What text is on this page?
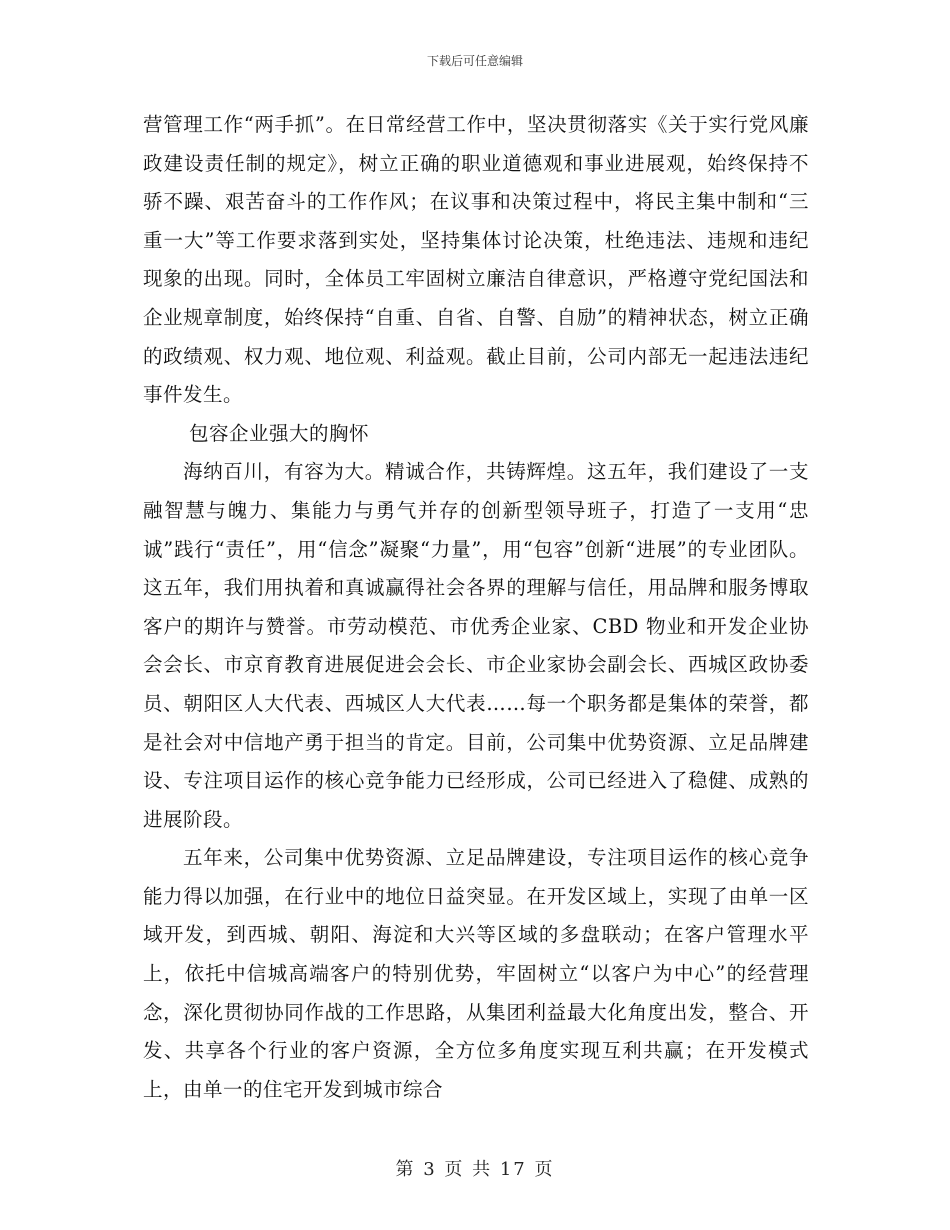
下载后可任意编辑

营管理工作“两手抓”。在日常经营工作中，坚决贯彻落实《关于实行党风廉政建设责任制的规定》，树立正确的职业道德观和事业进展观，始终保持不骄不躁、艰苦奋斗的工作作风；在议事和决策过程中，将民主集中制和“三重一大”等工作要求落到实处，坚持集体讨论决策，杜绝违法、违规和违纪现象的出现。同时，全体员工牢固树立廉洁自律意识，严格遵守党纪国法和企业规章制度，始终保持“自重、自省、自警、自励”的精神状态，树立正确的政绩观、权力观、地位观、利益观。截止目前，公司内部无一起违法违纪事件发生。

包容企业强大的胸怀

海纳百川，有容为大。精诚合作，共铸辉煌。这五年，我们建设了一支融智慧与魄力、集能力与勇气并存的创新型领导班子，打造了一支用“忠诚”践行“责任”，用“信念”凝聚“力量”，用“包容”创新“进展”的专业团队。这五年，我们用执着和真诚赢得社会各界的理解与信任，用品牌和服务博取客户的期许与赞誉。市劳动模范、市优秀企业家、CBD 物业和开发企业协会会长、市京育教育进展促进会会长、市企业家协会副会长、西城区政协委员、朝阳区人大代表、西城区人大代表……每一个职务都是集体的荣誉，都是社会对中信地产勇于担当的肯定。目前，公司集中优势资源、立足品牌建设、专注项目运作的核心竞争能力已经形成，公司已经进入了稳健、成熟的进展阶段。

五年来，公司集中优势资源、立足品牌建设，专注项目运作的核心竞争能力得以加强，在行业中的地位日益突显。在开发区域上，实现了由单一区域开发，到西城、朝阳、海淀和大兴等区域的多盘联动；在客户管理水平上，依托中信城高端客户的特别优势，牢固树立“以客户为中心”的经营理念，深化贯彻协同作战的工作思路，从集团利益最大化角度出发，整合、开发、共享各个行业的客户资源，全方位多角度实现互利共赢；在开发模式上，由单一的住宅开发到城市综合

第 3 页 共 17 页
